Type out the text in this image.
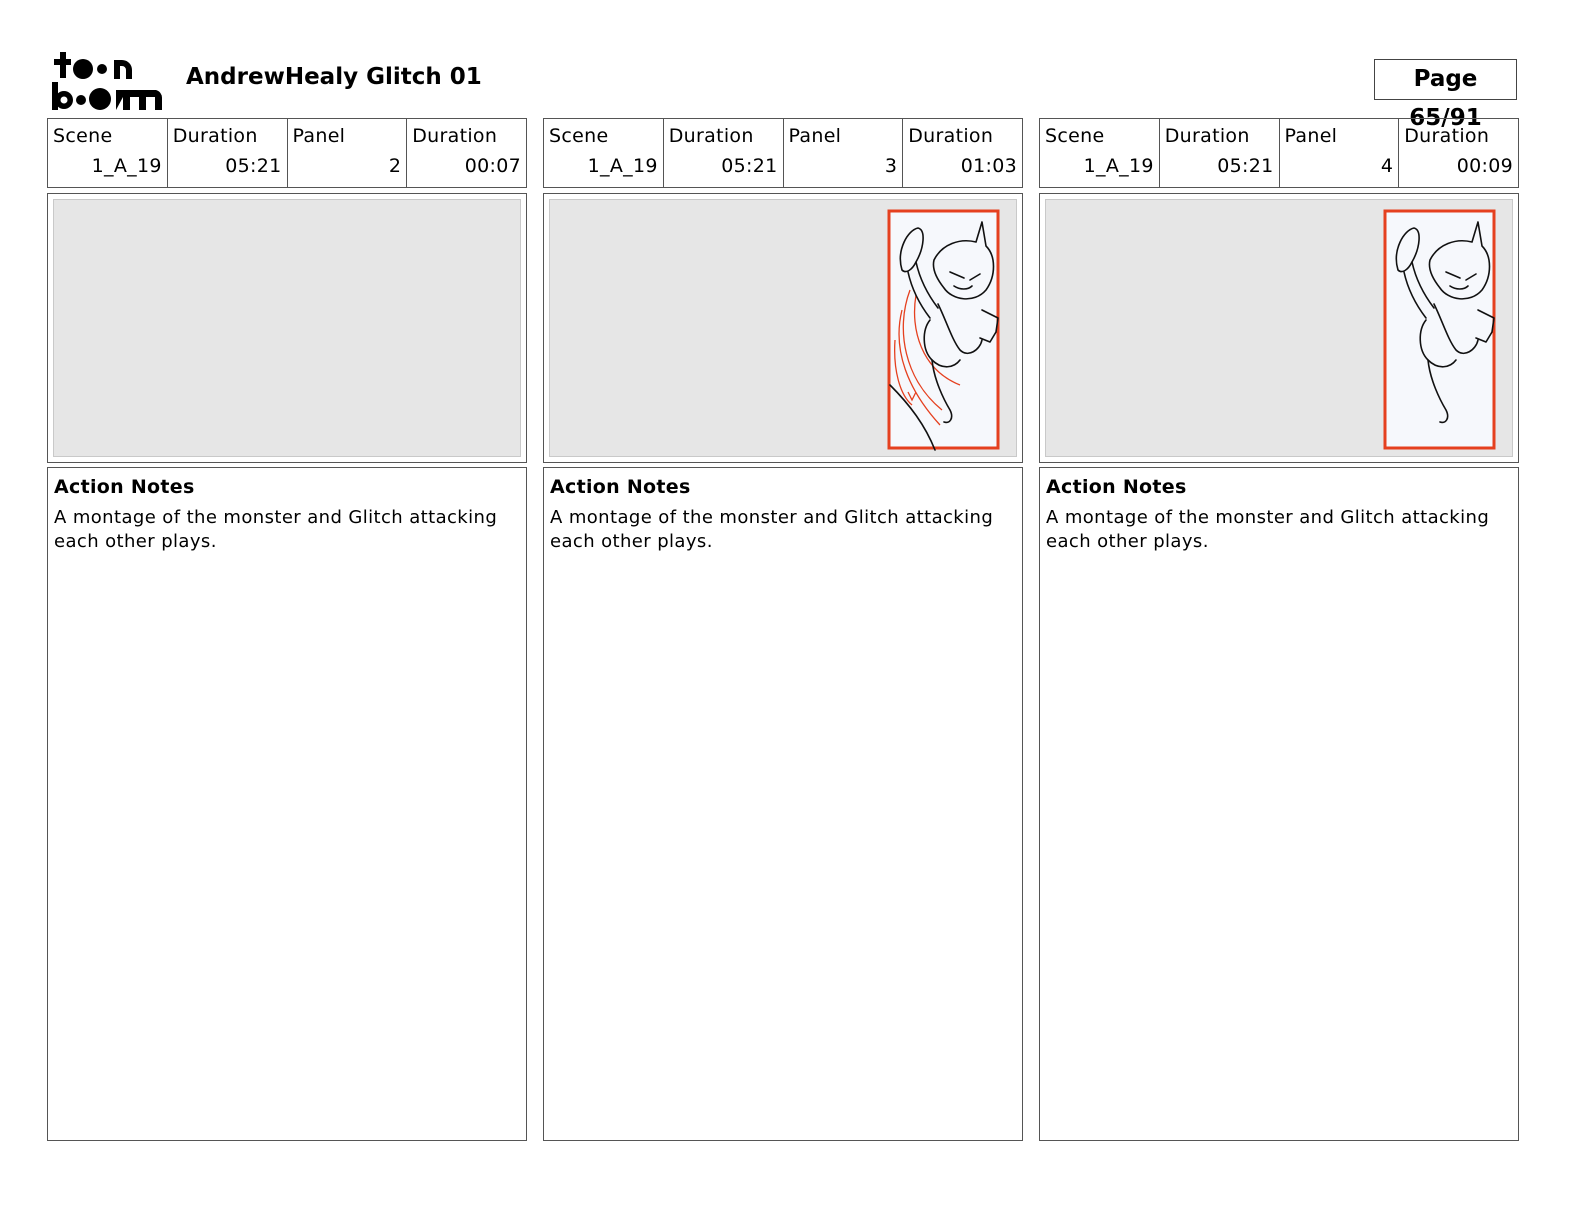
AndrewHealy Glitch 01	Page 65/91
Scene
1_A_19
Duration
05:21
Panel
2
Duration
00:07
Action Notes
A montage of the monster and Glitch attacking each other plays.
Scene
1_A_19
Duration
05:21
Panel
3
Duration
01:03
Action Notes
A montage of the monster and Glitch attacking each other plays.
Scene
1_A_19
Duration
05:21
Panel
4
Duration
00:09
Action Notes
A montage of the monster and Glitch attacking each other plays.
